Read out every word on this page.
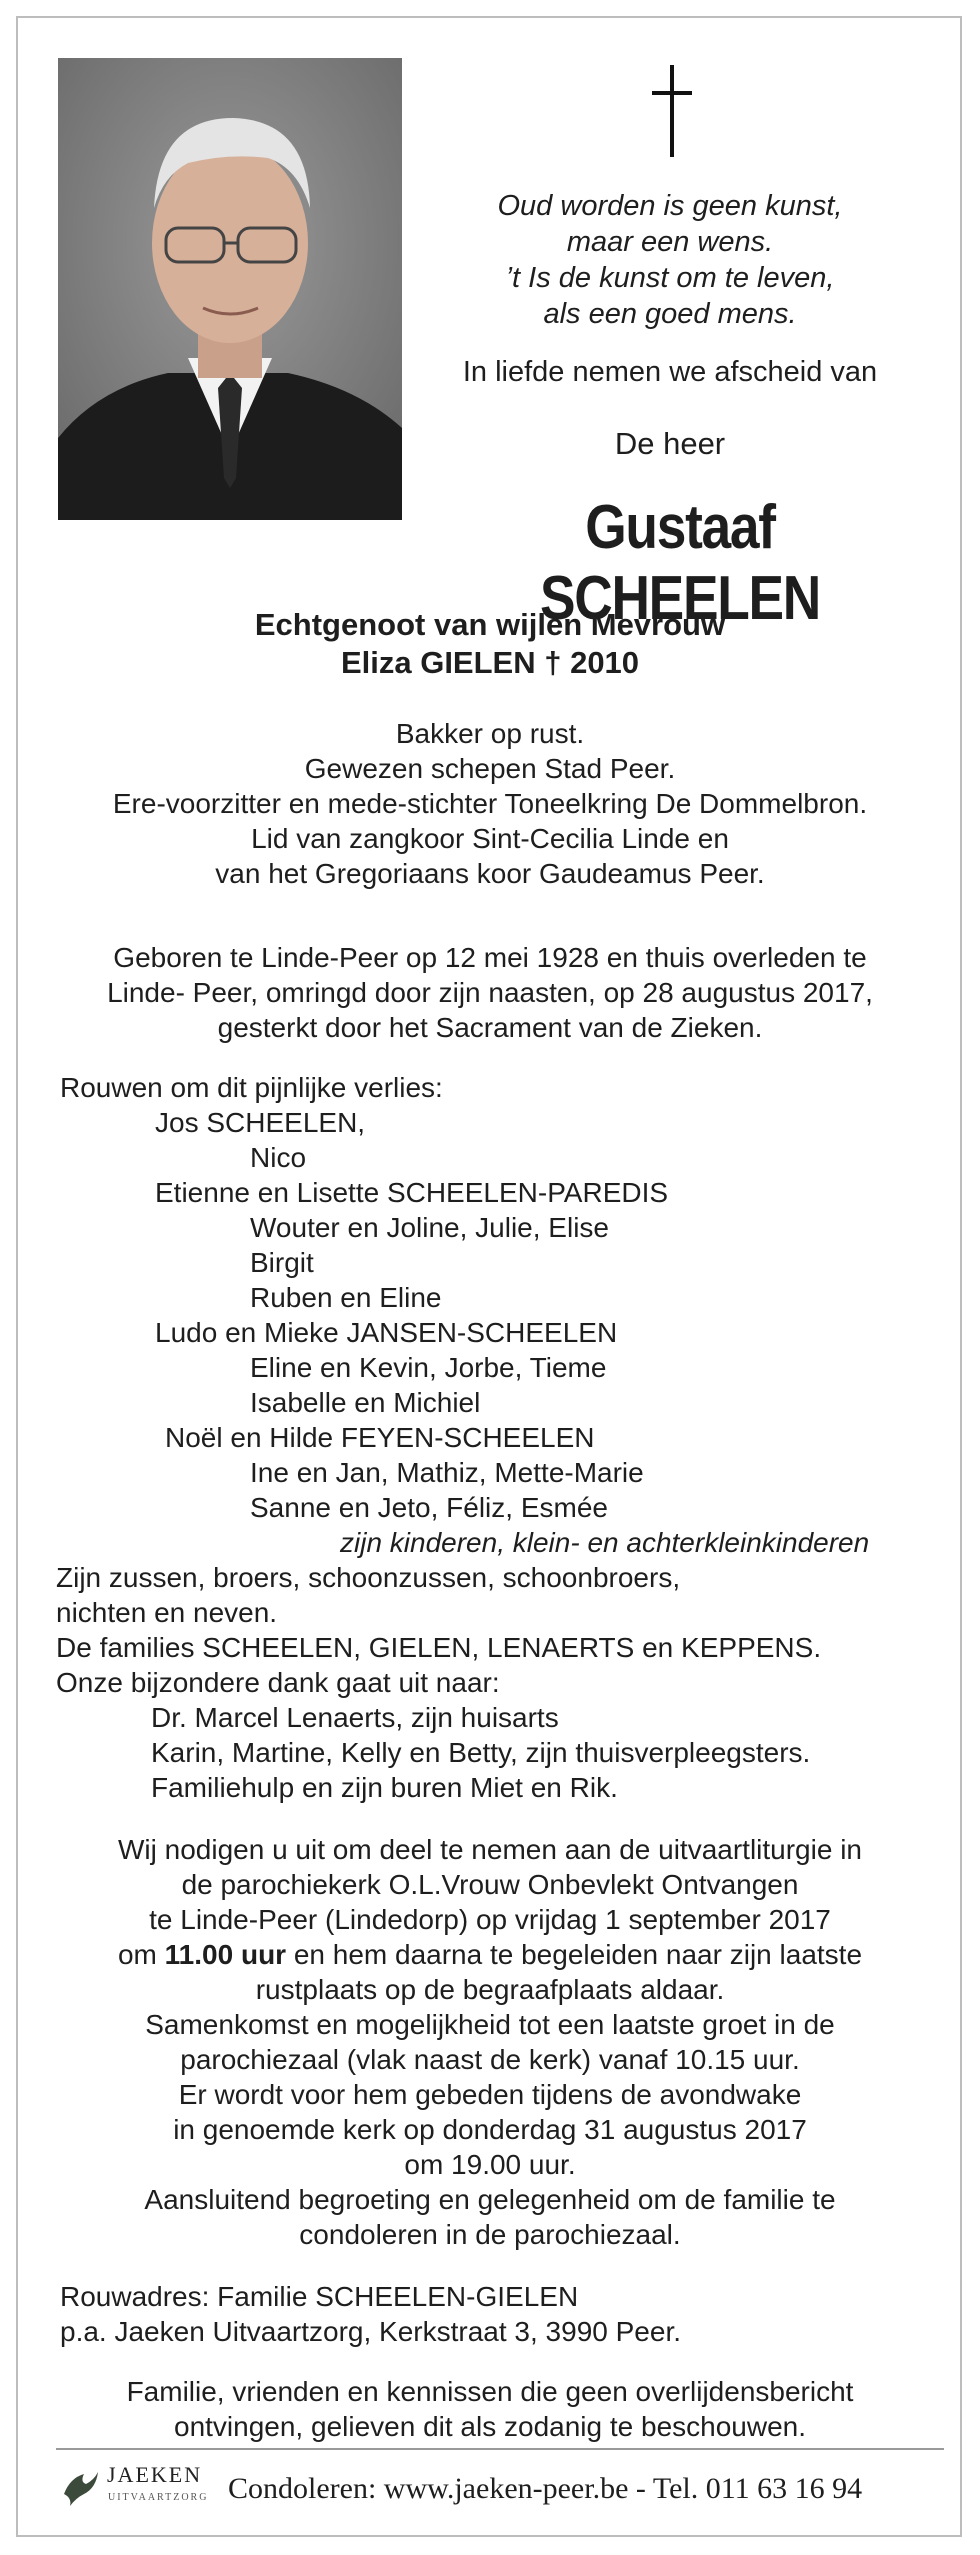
Oud worden is geen kunst,
maar een wens.
’t Is de kunst om te leven,
als een goed mens.
In liefde nemen we afscheid van
De heer
Gustaaf SCHEELEN
Echtgenoot van wijlen Mevrouw
Eliza GIELEN † 2010
Bakker op rust.
Gewezen schepen Stad Peer.
Ere-voorzitter en mede-stichter Toneelkring De Dommelbron.
Lid van zangkoor Sint-Cecilia Linde en
van het Gregoriaans koor Gaudeamus Peer.
Geboren te Linde-Peer op 12 mei 1928 en thuis overleden te
Linde- Peer, omringd door zijn naasten, op 28 augustus 2017,
gesterkt door het Sacrament van de Zieken.
Rouwen om dit pijnlijke verlies:
Jos SCHEELEN,
Nico
Etienne en Lisette SCHEELEN-PAREDIS
Wouter en Joline, Julie, Elise
Birgit
Ruben en Eline
Ludo en Mieke JANSEN-SCHEELEN
Eline en Kevin, Jorbe, Tieme
Isabelle en Michiel
Noël en Hilde FEYEN-SCHEELEN
Ine en Jan, Mathiz, Mette-Marie
Sanne en Jeto, Féliz, Esmée
zijn kinderen, klein- en achterkleinkinderen
Zijn zussen, broers, schoonzussen, schoonbroers,
nichten en neven.
De families SCHEELEN, GIELEN, LENAERTS en KEPPENS.
Onze bijzondere dank gaat uit naar:
Dr. Marcel Lenaerts, zijn huisarts
Karin, Martine, Kelly en Betty, zijn thuisverpleegsters.
Familiehulp en zijn buren Miet en Rik.
Wij nodigen u uit om deel te nemen aan de uitvaartliturgie in
de parochiekerk O.L.Vrouw Onbevlekt Ontvangen
te Linde-Peer (Lindedorp) op vrijdag 1 september 2017
om 11.00 uur en hem daarna te begeleiden naar zijn laatste
rustplaats op de begraafplaats aldaar.
Samenkomst en mogelijkheid tot een laatste groet in de
parochiezaal (vlak naast de kerk) vanaf 10.15 uur.
Er wordt voor hem gebeden tijdens de avondwake
in genoemde kerk op donderdag 31 augustus 2017
om 19.00 uur.
Aansluitend begroeting en gelegenheid om de familie te
condoleren in de parochiezaal.
Rouwadres: Familie SCHEELEN-GIELEN
p.a. Jaeken Uitvaartzorg, Kerkstraat 3, 3990 Peer.
Familie, vrienden en kennissen die geen overlijdensbericht
ontvingen, gelieven dit als zodanig te beschouwen.
JAEKEN
UITVAARTZORG Condoleren: www.jaeken-peer.be - Tel. 011 63 16 94
